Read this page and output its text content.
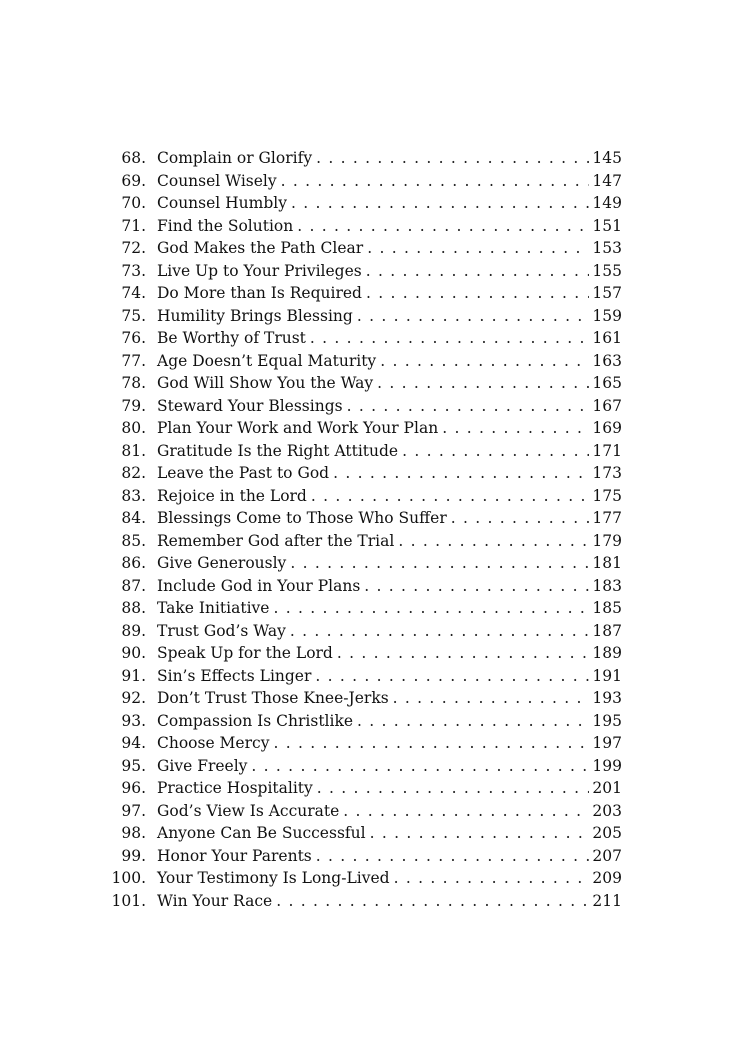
68. Complain or Glorify . . .	145
69. Counsel Wisely . . .	147
70. Counsel Humbly . . .	149
71. Find the Solution . . .	151
72. God Makes the Path Clear . . .	153
73. Live Up to Your Privileges . . .	155
74. Do More than Is Required . . .	157
75. Humility Brings Blessing . . .	159
76. Be Worthy of Trust . . .	161
77. Age Doesn’t Equal Maturity . . .	163
78. God Will Show You the Way . . .	165
79. Steward Your Blessings . . .	167
80. Plan Your Work and Work Your Plan . . .	169
81. Gratitude Is the Right Attitude . . .	171
82. Leave the Past to God . . .	173
83. Rejoice in the Lord . . .	175
84. Blessings Come to Those Who Suffer . . .	177
85. Remember God after the Trial . . .	179
86. Give Generously . . .	181
87. Include God in Your Plans . . .	183
88. Take Initiative . . .	185
89. Trust God’s Way . . .	187
90. Speak Up for the Lord . . .	189
91. Sin’s Effects Linger . . .	191
92. Don’t Trust Those Knee-Jerks . . .	193
93. Compassion Is Christlike . . .	195
94. Choose Mercy . . .	197
95. Give Freely . . .	199
96. Practice Hospitality . . .	201
97. God’s View Is Accurate . . .	203
98. Anyone Can Be Successful . . .	205
99. Honor Your Parents . . .	207
100. Your Testimony Is Long-Lived . . .	209
101. Win Your Race . . .	211
